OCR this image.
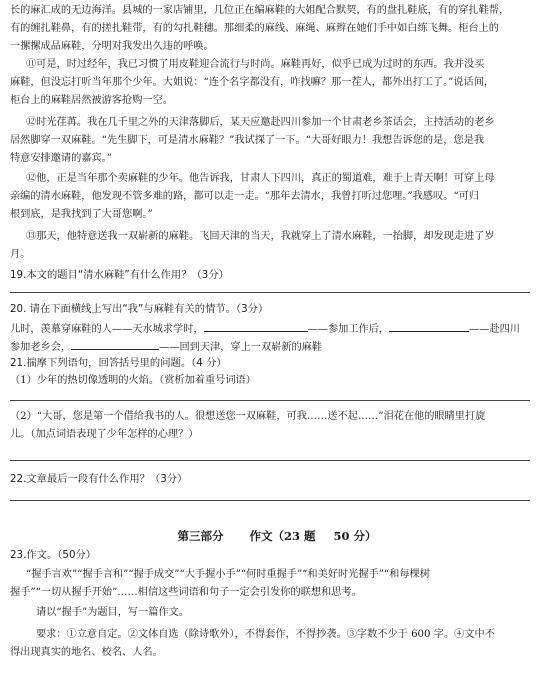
长的麻汇成的无边海洋。县城的一家店铺里，几位正在编麻鞋的大姐配合默契，有的盘扎鞋底，有的穿扎鞋帮，
有的缠扎鞋鼻，有的搓扎鞋带，有的勾扎鞋穗。那细柔的麻线、麻绳、麻辫在她们手中如白练飞舞。柜台上的
一摞摞成品麻鞋，分明对我发出久违的呼唤。
⑪可是，时过经年，我已习惯了用皮鞋迎合流行与时尚。麻鞋再好，似乎已成为过时的东西。我并没买
麻鞋，但没忘打听当年那个少年。大姐说：“连个名字都没有，咋找嘛？那一茬人，都外出打工了。”说话间，
柜台上的麻鞋居然被游客抢购一空。
⑫时光荏苒。我在几千里之外的天津落脚后，某天应邀赴四川参加一个甘肃老乡茶话会，主持活动的老乡
居然脚穿一双麻鞋。“先生脚下，可是清水麻鞋？”我试探了一下。“大哥好眼力！我想告诉您的是，您是我
特意安排邀请的嘉宾。”
⑫他，正是当年那个卖麻鞋的少年。他告诉我，甘肃人下四川，真正的蜀道难，难于上青天啊！可穿上母
亲编的清水麻鞋，他发现不管多难的路，都可以走一走。“那年去清水，我曾打听过您哩。”我感叹。“可归
根到底，是我找到了大哥您啊。”
⑬那天，他特意送我一双崭新的麻鞋。飞回天津的当天，我就穿上了清水麻鞋，一抬脚，却发现走进了岁
月。
19.本文的题目“清水麻鞋”有什么作用？（3分）
20. 请在下面横线上写出“我”与麻鞋有关的情节。（3分）
儿时，羡慕穿麻鞋的人——天水城求学时，	——参加工作后，	——赴四川
参加老乡会，	——回到天津，穿上一双崭新的麻鞋
21.揣摩下列语句，回答括号里的问题。（4 分）
（1）少年的热切像透明的火焰。（赏析加着重号词语）
（2）“大哥，您是第一个借给我书的人。很想送您一双麻鞋，可我……送不起……”泪花在他的眼睛里打旋
儿。（加点词语表现了少年怎样的心理？）
22.文章最后一段有什么作用？（3分）
第三部分 作文（23 题 50 分）
23.作文。（50分）
“握手言欢”“握手言和”“握手成交”“大手握小手”“何时重握手”“和美好时光握手”“和每棵树
握手”“一切从握手开始”……相信这些词语和句子一定会引发你的联想和思考。
请以“握手”为题目，写一篇作文。
要求：①立意自定。②文体自选（除诗歌外），不得套作，不得抄袭。③字数不少于 600 字。④文中不
得出现真实的地名、校名、人名。
